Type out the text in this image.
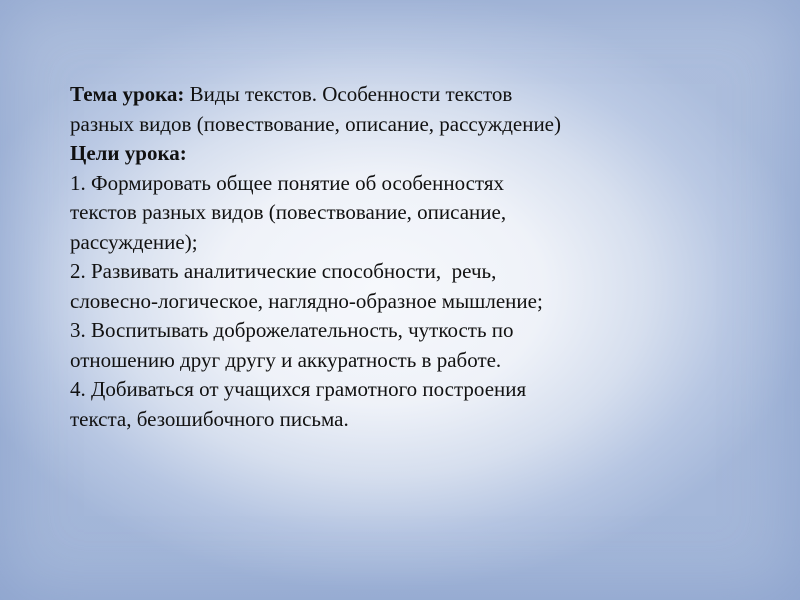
Тема урока: Виды текстов. Особенности текстов
разных видов (повествование, описание, рассуждение)
Цели урока:
1. Формировать общее понятие об особенностях
текстов разных видов (повествование, описание,
рассуждение);
2. Развивать аналитические способности,  речь,
словесно-логическое, наглядно-образное мышление;
3. Воспитывать доброжелательность, чуткость по
отношению друг другу и аккуратность в работе.
4. Добиваться от учащихся грамотного построения
текста, безошибочного письма.
